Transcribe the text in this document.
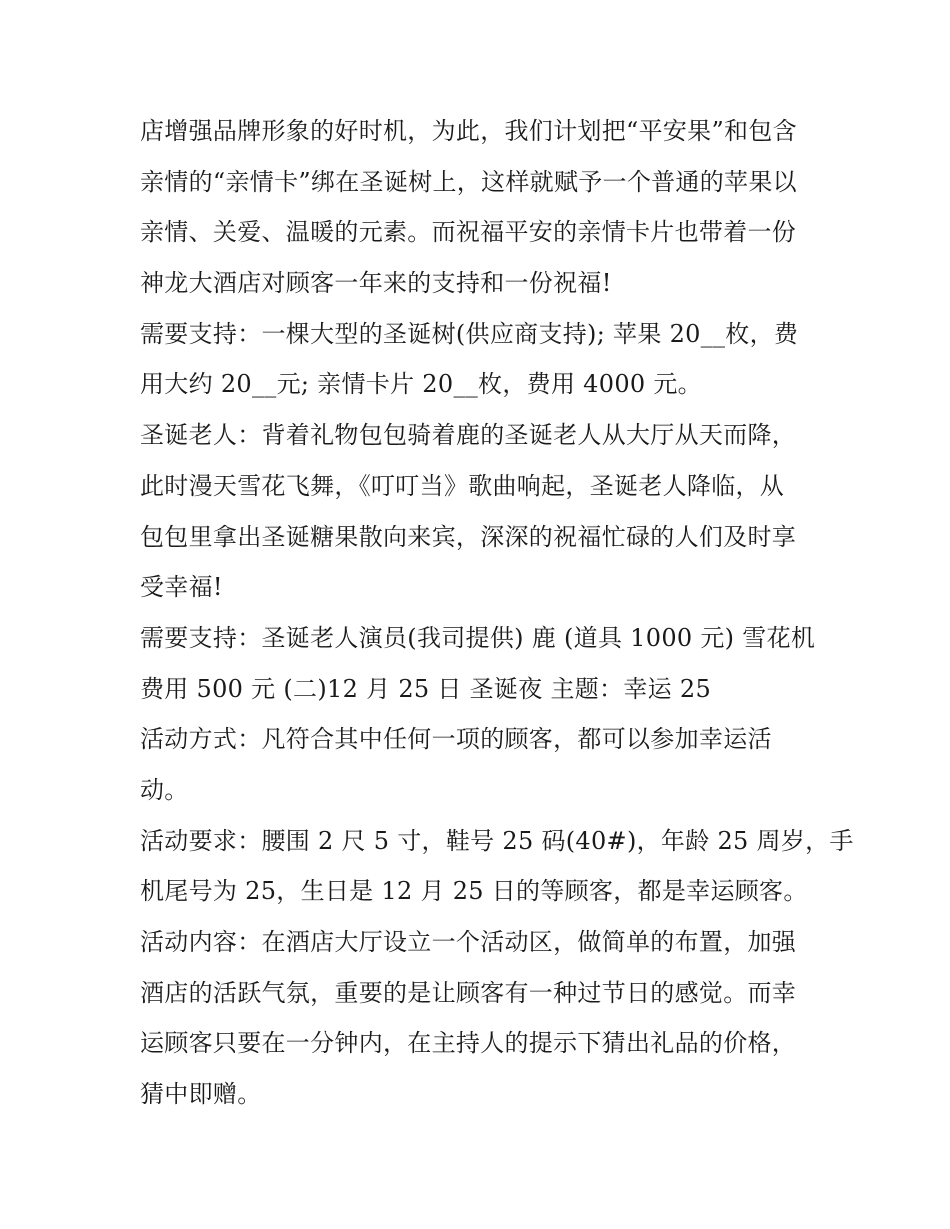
店增强品牌形象的好时机，为此，我们计划把“平安果”和包含
亲情的“亲情卡”绑在圣诞树上，这样就赋予一个普通的苹果以
亲情、关爱、温暖的元素。而祝福平安的亲情卡片也带着一份
神龙大酒店对顾客一年来的支持和一份祝福!
需要支持：一棵大型的圣诞树(供应商支持); 苹果 20__枚，费
用大约 20__元; 亲情卡片 20__枚，费用 4000 元。
圣诞老人：背着礼物包包骑着鹿的圣诞老人从大厅从天而降，
此时漫天雪花飞舞，《叮叮当》歌曲响起，圣诞老人降临，从
包包里拿出圣诞糖果散向来宾，深深的祝福忙碌的人们及时享
受幸福!
需要支持：圣诞老人演员(我司提供) 鹿 (道具 1000 元) 雪花机
费用 500 元 (二)12 月 25 日 圣诞夜 主题：幸运 25
活动方式：凡符合其中任何一项的顾客，都可以参加幸运活
动。
活动要求：腰围 2 尺 5 寸，鞋号 25 码(40#)，年龄 25 周岁，手
机尾号为 25，生日是 12 月 25 日的等顾客，都是幸运顾客。
活动内容：在酒店大厅设立一个活动区，做简单的布置，加强
酒店的活跃气氛，重要的是让顾客有一种过节日的感觉。而幸
运顾客只要在一分钟内，在主持人的提示下猜出礼品的价格，
猜中即赠。
